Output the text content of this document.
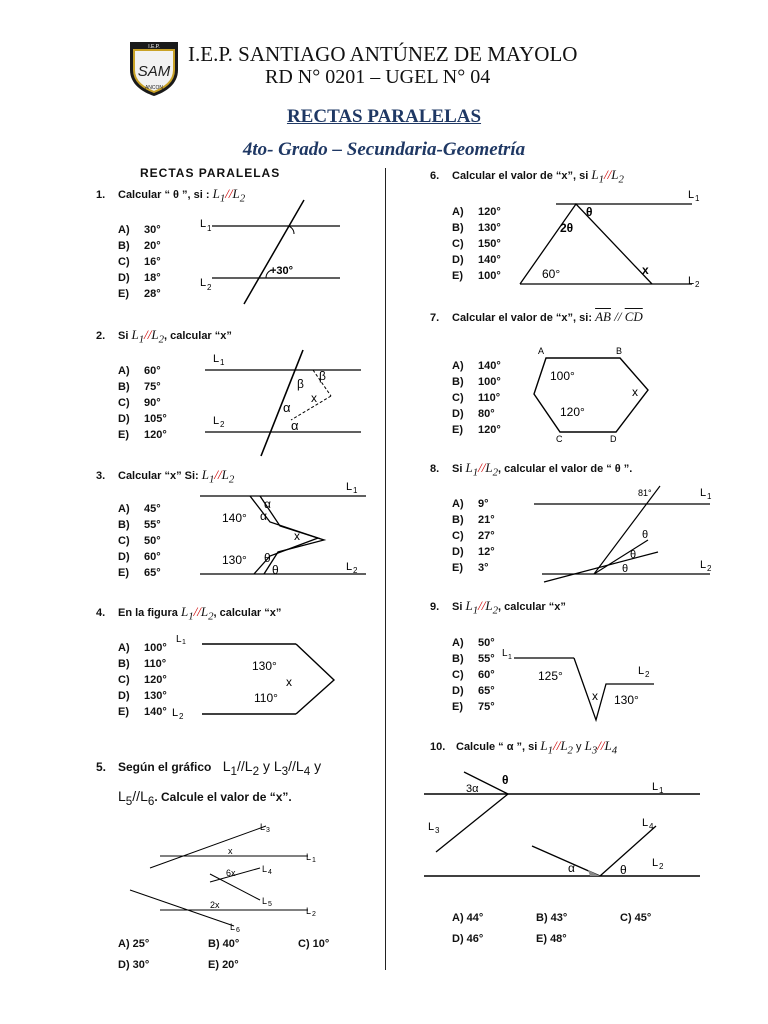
I.E.P.
SAM
ANCON
I.E.P. SANTIAGO ANTÚNEZ DE MAYOLO
RD N° 0201 – UGEL N° 04
RECTAS PARALELAS
4to- Grado – Secundaria-Geometría
RECTAS PARALELAS
1. Calcular “ θ ”, si : $L_1//L_2$
A) 30°
B) 20°
C) 16°
D) 18°
E) 28°
L 1
L 2
+30°
2. Si $L_1//L_2$, calcular “x”
A) 60°
B) 75°
C) 90°
D) 105°
E) 120°
L 1
L 2
β
β
x
α
α
3. Calcular “x” Si: $L_1//L_2$
A) 45°
B) 55°
C) 50°
D) 60°
E) 65°
L 1
L 2
140°
130°
α
α
x
θ
θ
4. En la figura $L_1//L_2$, calcular “x”
A) 100°
B) 110°
C) 120°
D) 130°
E) 140°
L 1
L 2
130°
x
110°
5. Según el gráfico $L_1//L_2$ y $L_3//L_4$ y
$L_5//L_6$. Calcule el valor de “x”.
L 3
L 1
L 4
L 5
L 2
L 6
x
6x
2x
A) 25°	B) 40°	C) 10°
D) 30°	E) 20°
6. Calcular el valor de “x”, si $L_1//L_2$
A) 120°
B) 130°
C) 150°
D) 140°
E) 100°
L 1
L 2
θ
2θ
60°	x
7. Calcular el valor de “x”, si: $\overline{AB} // \overline{CD}$
A) 140°
B) 100°
C) 110°
D) 80°
E) 120°
A	B
C	D
100°
120°
x
8. Si $L_1//L_2$, calcular el valor de “ θ ”.
A) 9°
B) 21°
C) 27°
D) 12°
E) 3°
L 1
L 2
81°
θ
θ
θ
9. Si $L_1//L_2$, calcular “x”
A) 50°
B) 55°
C) 60°
D) 65°
E) 75°
L 1
L 2
125°
x 130°
10. Calcule “ α ”, si $L_1//L_2$ y $L_3//L_4$
L 1
L 3
L 4
L 2
3α
θ
α	θ
A) 44°	B) 43°	C) 45°
D) 46°	E) 48°
